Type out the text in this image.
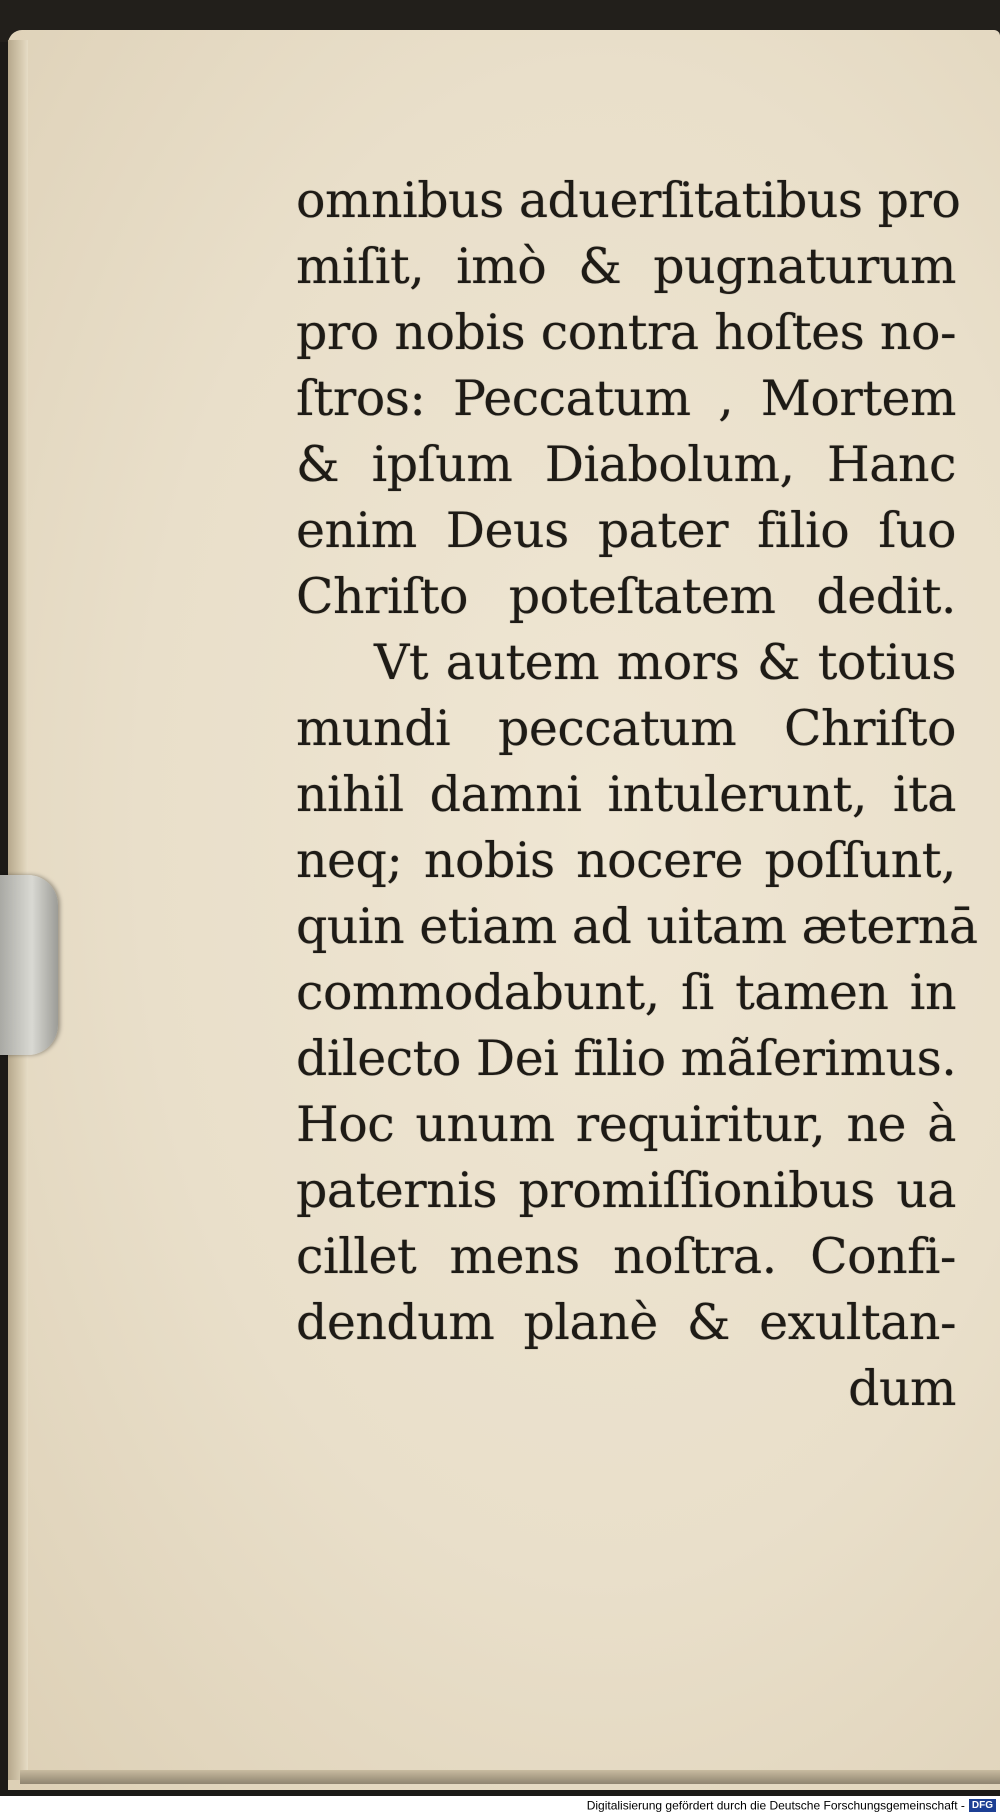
omnibus aduerſitatibus pro
miſit, imò & pugnaturum
pro nobis contra hoſtes no-
ſtros: Peccatum , Mortem
& ipſum Diabolum, Hanc
enim Deus pater filio ſuo
Chriſto poteſtatem dedit.
Vt autem mors & totius
mundi peccatum Chriſto
nihil damni intulerunt, ita
neq; nobis nocere poſſunt,
quin etiam ad uitam æternā
commodabunt, ſi tamen in
dilecto Dei filio mãſerimus.
Hoc unum requiritur, ne à
paternis promiſſionibus ua
cillet mens noſtra. Confi-
dendum planè & exultan-
dum
Digitalisierung gefördert durch die Deutsche Forschungsgemeinschaft - DFG
